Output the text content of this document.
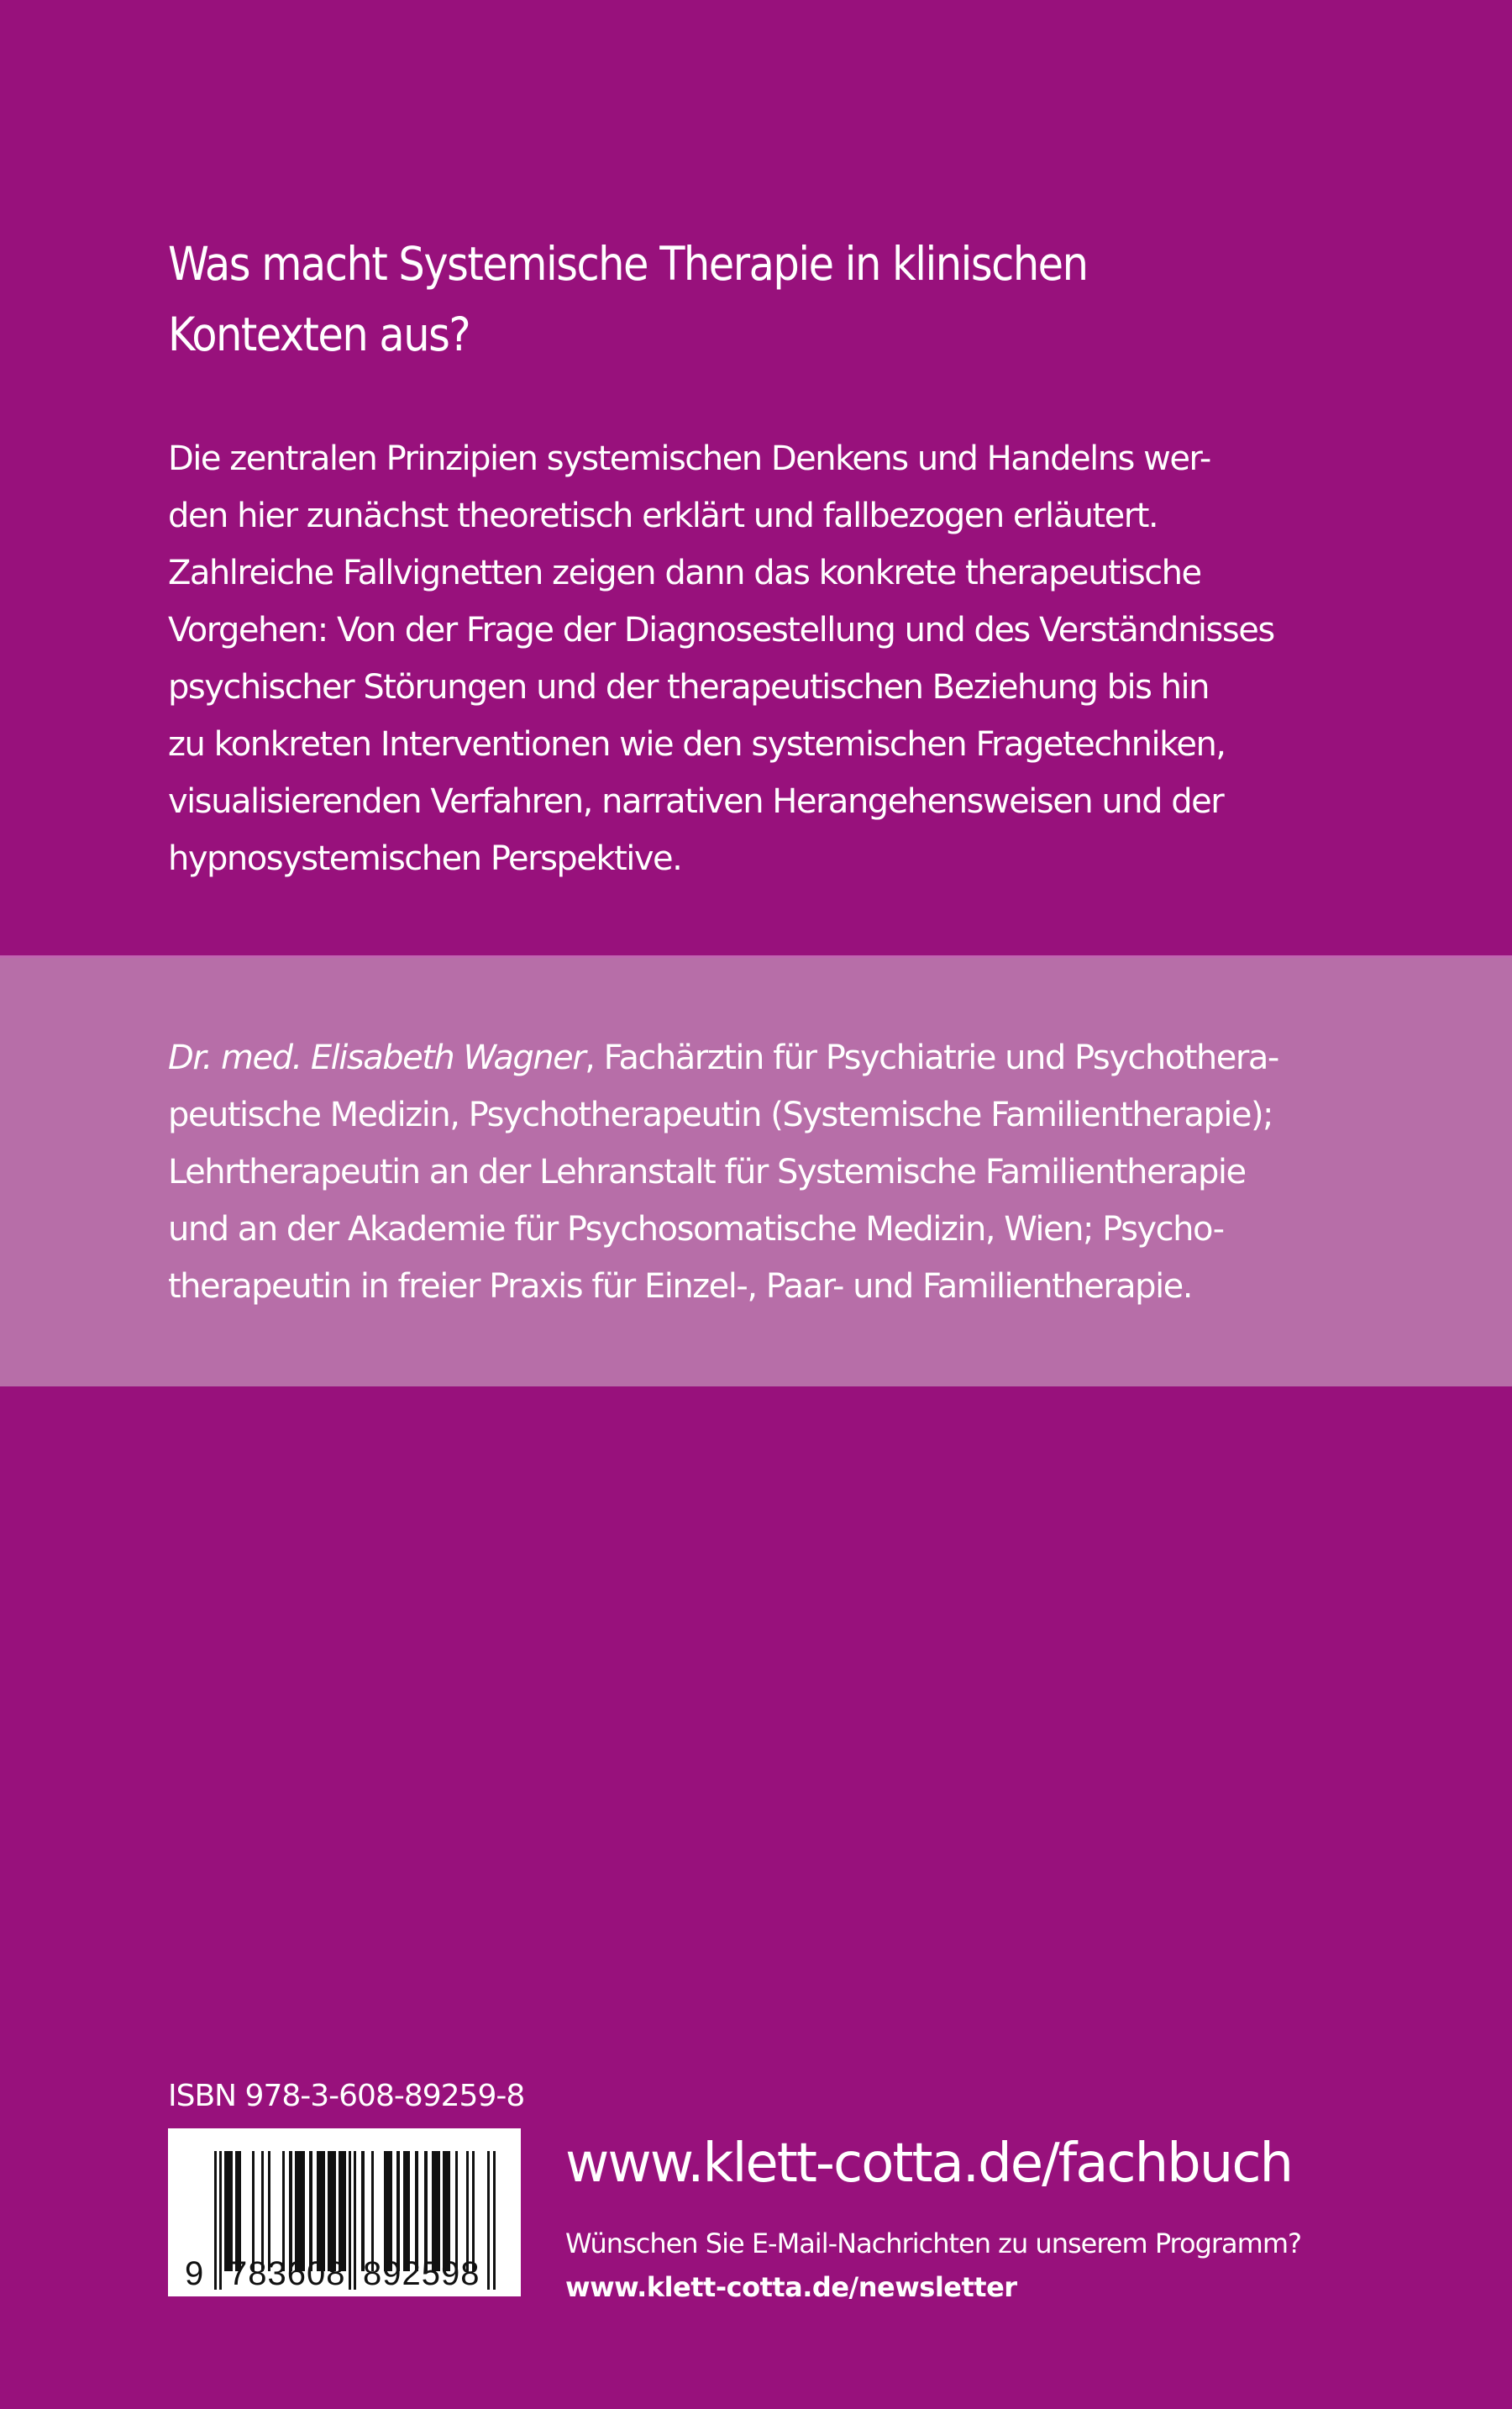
Was macht Systemische Therapie in klinischen
Kontexten aus?

Die zentralen Prinzipien systemischen Denkens und Handelns wer-
den hier zunächst theoretisch erklärt und fallbezogen erläutert.
Zahlreiche Fallvignetten zeigen dann das konkrete therapeutische
Vorgehen: Von der Frage der Diagnosestellung und des Verständnisses
psychischer Störungen und der therapeutischen Beziehung bis hin
zu konkreten Interventionen wie den systemischen Fragetechniken,
visualisierenden Verfahren, narrativen Herangehensweisen und der
hypnosystemischen Perspektive.

Dr. med. Elisabeth Wagner, Fachärztin für Psychiatrie und Psychothera-
peutische Medizin, Psychotherapeutin (Systemische Familientherapie);
Lehrtherapeutin an der Lehranstalt für Systemische Familientherapie
und an der Akademie für Psychosomatische Medizin, Wien; Psycho-
therapeutin in freier Praxis für Einzel-, Paar- und Familientherapie.

ISBN 978-3-608-89259-8
9 783608 892598
www.klett-cotta.de/fachbuch
Wünschen Sie E-Mail-Nachrichten zu unserem Programm?
www.klett-cotta.de/newsletter
